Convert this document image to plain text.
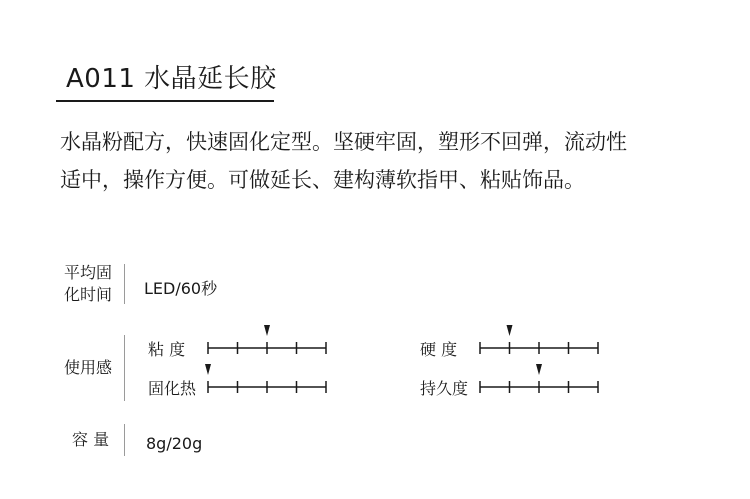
A011 水晶延长胶

水晶粉配方，快速固化定型。坚硬牢固，塑形不回弹，流动性

适中，操作方便。可做延长、建构薄软指甲、粘贴饰品。

平均固
化时间 LED/60秒
使用感
粘 度
固化热
硬 度
持久度
容 量 8g/20g
